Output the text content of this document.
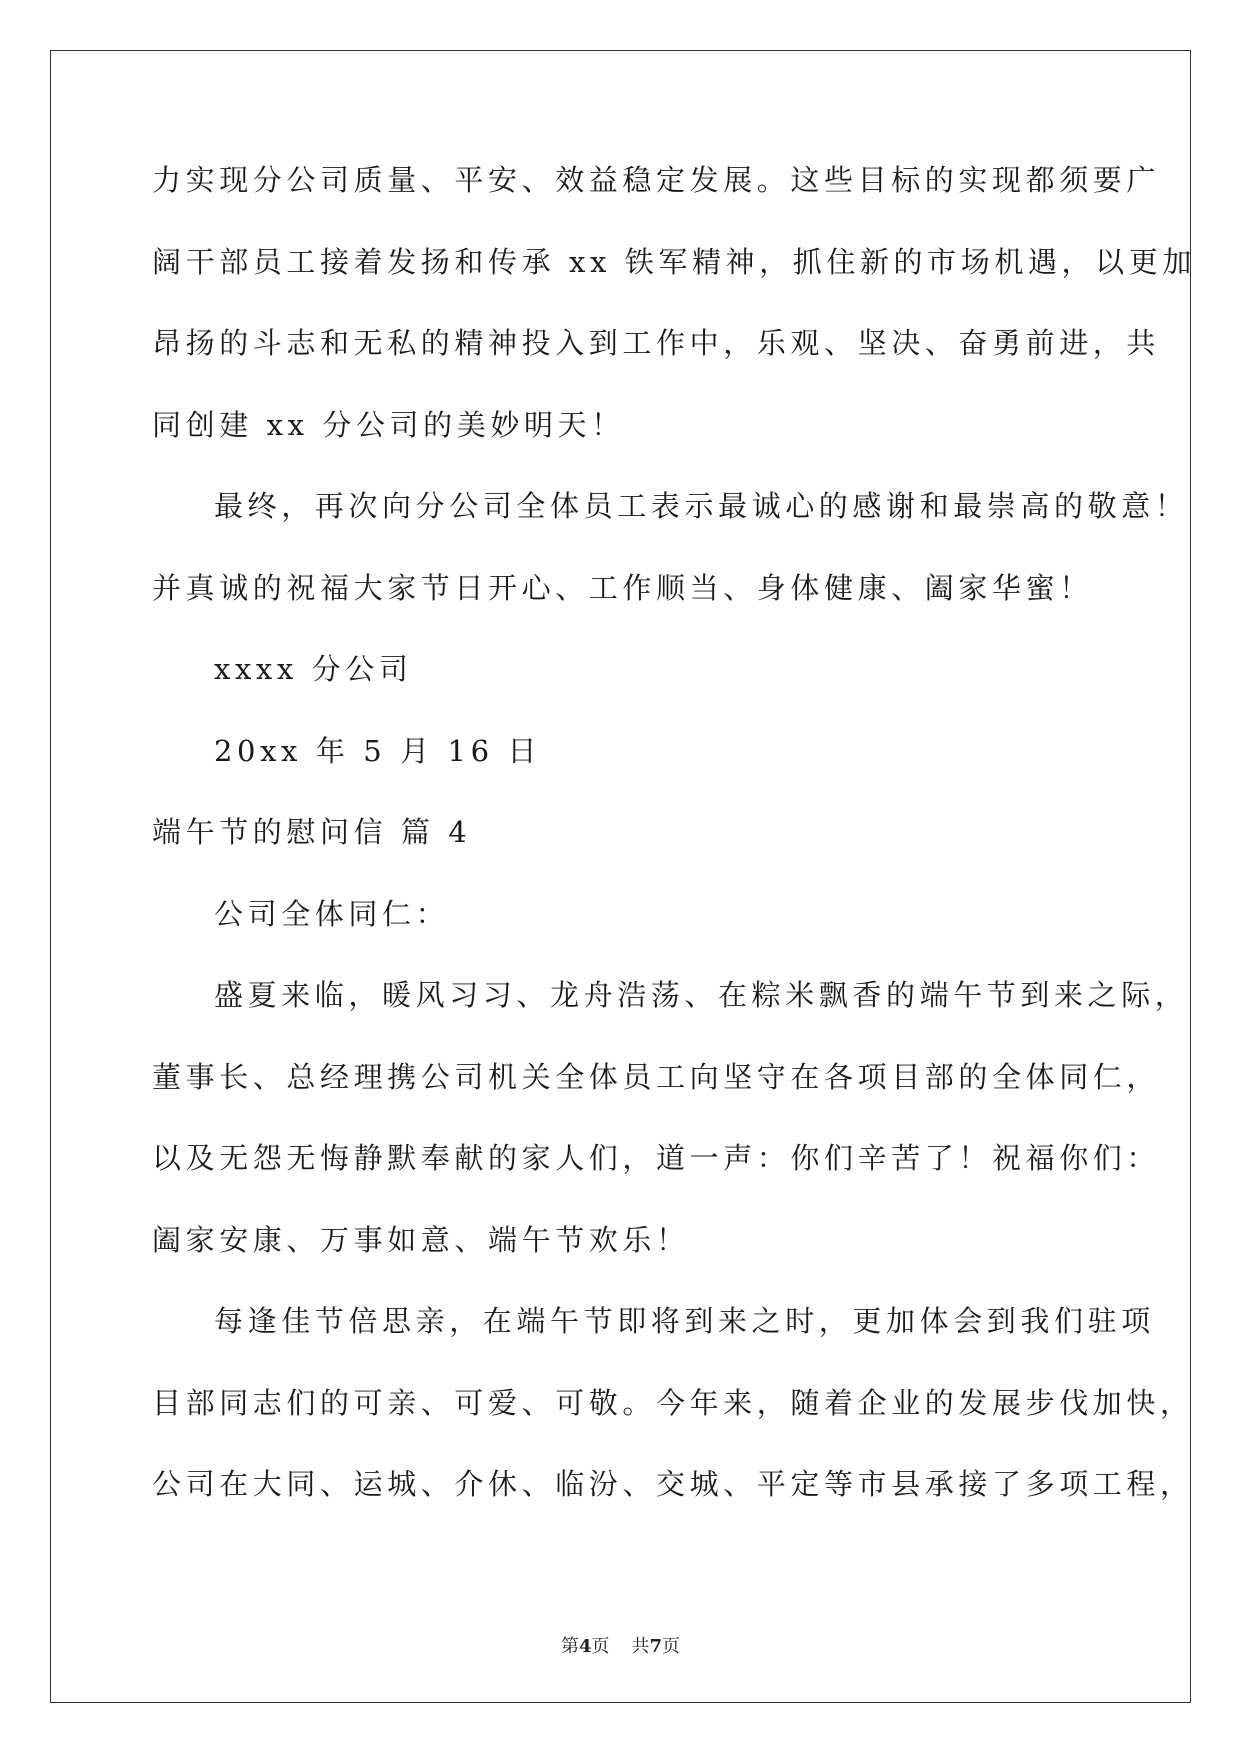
力实现分公司质量、平安、效益稳定发展。这些目标的实现都须要广
阔干部员工接着发扬和传承 xx 铁军精神，抓住新的市场机遇，以更加
昂扬的斗志和无私的精神投入到工作中，乐观、坚决、奋勇前进，共
同创建 xx 分公司的美妙明天！
最终，再次向分公司全体员工表示最诚心的感谢和最崇高的敬意！
并真诚的祝福大家节日开心、工作顺当、身体健康、阖家华蜜！
xxxx 分公司
20xx 年 5 月 16 日
端午节的慰问信 篇 4
公司全体同仁：
盛夏来临，暖风习习、龙舟浩荡、在粽米飘香的端午节到来之际，
董事长、总经理携公司机关全体员工向坚守在各项目部的全体同仁，
以及无怨无悔静默奉献的家人们，道一声：你们辛苦了！祝福你们：
阖家安康、万事如意、端午节欢乐！
每逢佳节倍思亲，在端午节即将到来之时，更加体会到我们驻项
目部同志们的可亲、可爱、可敬。今年来，随着企业的发展步伐加快，
公司在大同、运城、介休、临汾、交城、平定等市县承接了多项工程，
第4页 共7页
